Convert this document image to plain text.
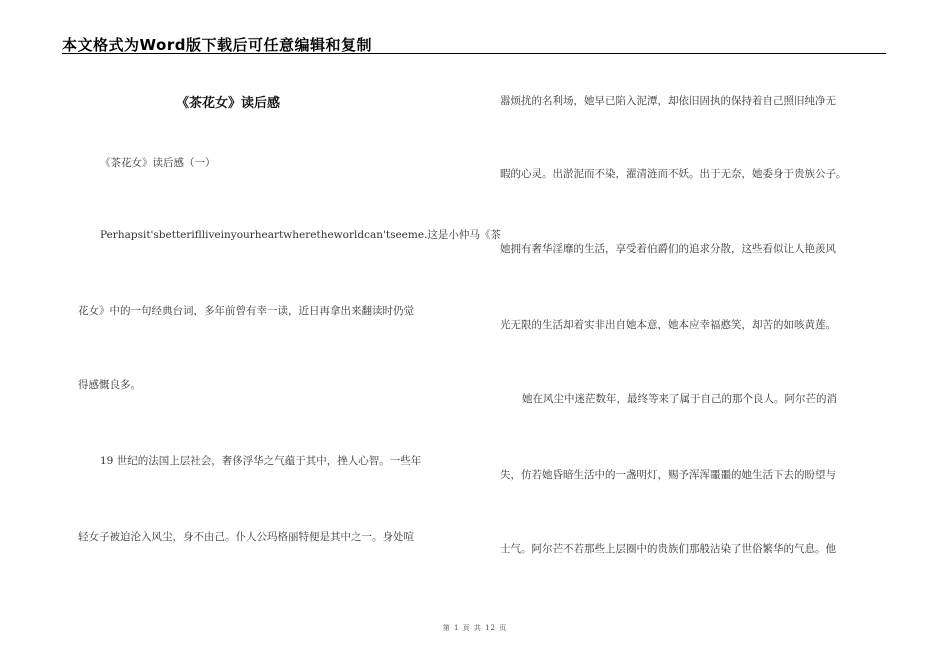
本文格式为Word版下载后可任意编辑和复制
《茶花女》读后感
《茶花女》读后感（一）
Perhapsit'sbetteriflliveinyourheartwheretheworldcan'tseeme.这是小仲马《茶
花女》中的一句经典台词，多年前曾有幸一读，近日再拿出来翻读时仍觉
得感慨良多。
19 世纪的法国上层社会，奢侈浮华之气蕴于其中，挫人心智。一些年
轻女子被迫沦入风尘，身不由己。仆人公玛格丽特便是其中之一。身处喧
嚣烦扰的名利场，她早已陷入泥潭，却依旧固执的保持着自己照旧纯净无
暇的心灵。出淤泥而不染，濯清涟而不妖。出于无奈，她委身于贵族公子。
她拥有奢华淫靡的生活，享受着伯爵们的追求分散，这些看似让人艳羡风
光无限的生活却着实非出自她本意，她本应幸福憨笑，却苦的如咳黄莲。
她在风尘中迷茫数年，最终等来了属于自己的那个良人。阿尔芒的消
失，仿若她昏暗生活中的一盏明灯，赐予浑浑噩噩的她生活下去的盼望与
士气。阿尔芒不若那些上层圈中的贵族们那般沾染了世俗繁华的气息。他
第 1 页 共 12 页
